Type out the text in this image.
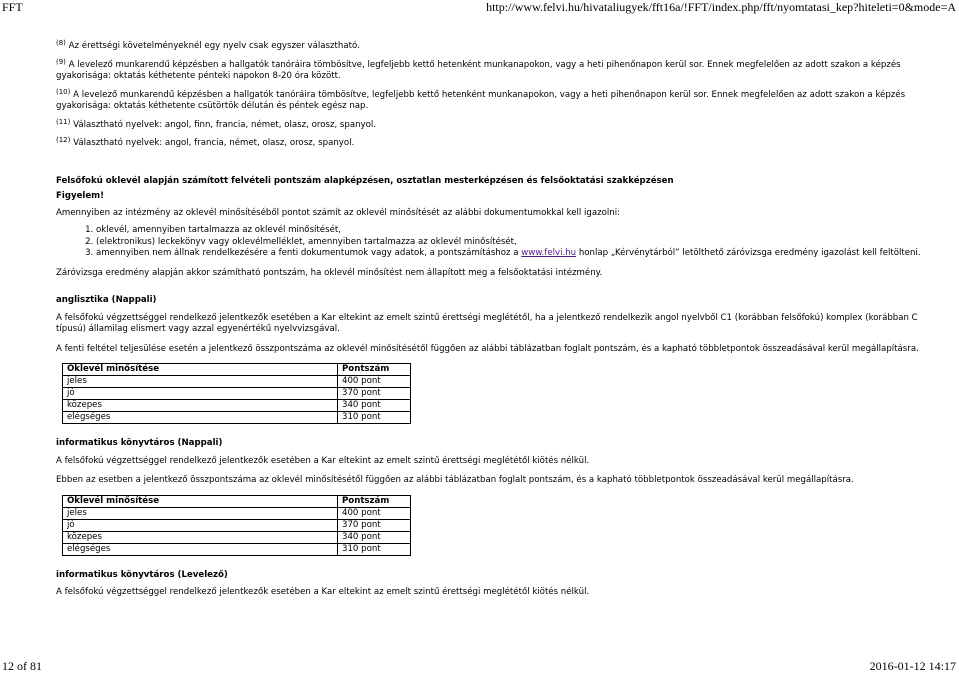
FFT	http://www.felvi.hu/hivataliugyek/fft16a/!FFT/index.php/fft/nyomtatasi_kep?hiteleti=0&mode=A
$^{(8)}$ Az érettségi követelményeknél egy nyelv csak egyszer választható.
$^{(9)}$ A levelező munkarendű képzésben a hallgatók tanóráira tömbösítve, legfeljebb kettő hetenként munkanapokon, vagy a heti pihenőnapon kerül sor. Ennek megfelelően az adott szakon a képzés gyakorisága: oktatás kéthetente pénteki napokon 8-20 óra között.
$^{(10)}$ A levelező munkarendű képzésben a hallgatók tanóráira tömbösítve, legfeljebb kettő hetenként munkanapokon, vagy a heti pihenőnapon kerül sor. Ennek megfelelően az adott szakon a képzés gyakorisága: oktatás kéthetente csütörtök délután és péntek egész nap.
$^{(11)}$ Választható nyelvek: angol, finn, francia, német, olasz, orosz, spanyol.
$^{(12)}$ Választható nyelvek: angol, francia, német, olasz, orosz, spanyol.
Felsőfokú oklevél alapján számított felvételi pontszám alapképzésen, osztatlan mesterképzésen és felsőoktatási szakképzésen

Figyelem!

Amennyiben az intézmény az oklevél minősítéséből pontot számít az oklevél minősítését az alábbi dokumentumokkal kell igazolni:

1. oklevél, amennyiben tartalmazza az oklevél minősítését,
2. (elektronikus) leckekönyv vagy oklevélmelléklet, amennyiben tartalmazza az oklevél minősítését,
3. amennyiben nem állnak rendelkezésére a fenti dokumentumok vagy adatok, a pontszámításhoz a www.felvi.hu honlap „Kérvénytárból” letölthető záróvizsga eredmény igazolást kell feltölteni.

Záróvizsga eredmény alapján akkor számítható pontszám, ha oklevél minősítést nem állapított meg a felsőoktatási intézmény.

anglisztika (Nappali)

A felsőfokú végzettséggel rendelkező jelentkezők esetében a Kar eltekint az emelt szintű érettségi meglététől, ha a jelentkező rendelkezik angol nyelvből C1 (korábban felsőfokú) komplex (korábban C típusú) államilag elismert vagy azzal egyenértékű nyelvvizsgával.

A fenti feltétel teljesülése esetén a jelentkező összpontszáma az oklevél minősítésétől függően az alábbi táblázatban foglalt pontszám, és a kapható többletpontok összeadásával kerül megállapításra.

Oklevél minősítése	Pontszám
jeles	400 pont
jó	370 pont
közepes	340 pont
elégséges	310 pont
informatikus könyvtáros (Nappali)

A felsőfokú végzettséggel rendelkező jelentkezők esetében a Kar eltekint az emelt szintű érettségi meglététől kiötés nélkül.

Ebben az esetben a jelentkező összpontszáma az oklevél minősítésétől függően az alábbi táblázatban foglalt pontszám, és a kapható többletpontok összeadásával kerül megállapításra.

Oklevél minősítése	Pontszám
jeles	400 pont
jó	370 pont
közepes	340 pont
elégséges	310 pont
informatikus könyvtáros (Levelező)

A felsőfokú végzettséggel rendelkező jelentkezők esetében a Kar eltekint az emelt szintű érettségi meglététől kiötés nélkül.

12 of 81	2016-01-12 14:17
